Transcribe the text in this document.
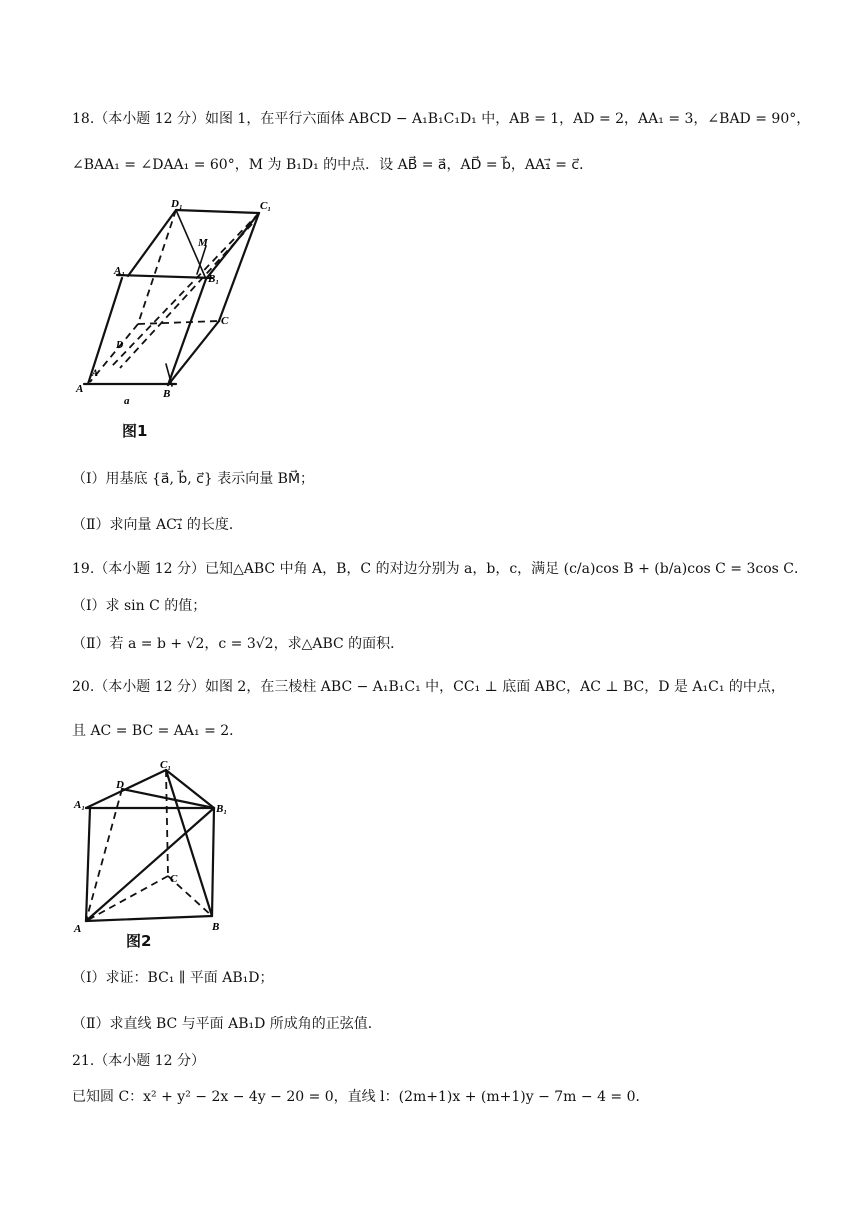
18.（本小题 12 分）如图 1，在平行六面体 ABCD − A₁B₁C₁D₁ 中，AB = 1，AD = 2，AA₁ = 3，∠BAD = 90°，
∠BAA₁ = ∠DAA₁ = 60°，M 为 B₁D₁ 的中点．设 AB⃗ = a⃗，AD⃗ = b⃗，AA₁⃗ = c⃗．
D₁	C₁
A₁
B₁
M
C
D
A
A
B
a
图1
（Ⅰ）用基底 {a⃗, b⃗, c⃗} 表示向量 BM⃗；
（Ⅱ）求向量 AC₁⃗ 的长度．
19.（本小题 12 分）已知△ABC 中角 A，B，C 的对边分别为 a，b，c，满足 (c/a)cos B + (b/a)cos C = 3cos C．
（Ⅰ）求 sin C 的值；
（Ⅱ）若 a = b + √2，c = 3√2，求△ABC 的面积．
20.（本小题 12 分）如图 2，在三棱柱 ABC − A₁B₁C₁ 中，CC₁ ⊥ 底面 ABC，AC ⊥ BC，D 是 A₁C₁ 的中点，
且 AC = BC = AA₁ = 2．
C₁
D
A₁	B₁
C
A	B
图2
（Ⅰ）求证：BC₁ ∥ 平面 AB₁D；
（Ⅱ）求直线 BC 与平面 AB₁D 所成角的正弦值．
21.（本小题 12 分）
已知圆 C：x² + y² − 2x − 4y − 20 = 0，直线 l：(2m+1)x + (m+1)y − 7m − 4 = 0．
